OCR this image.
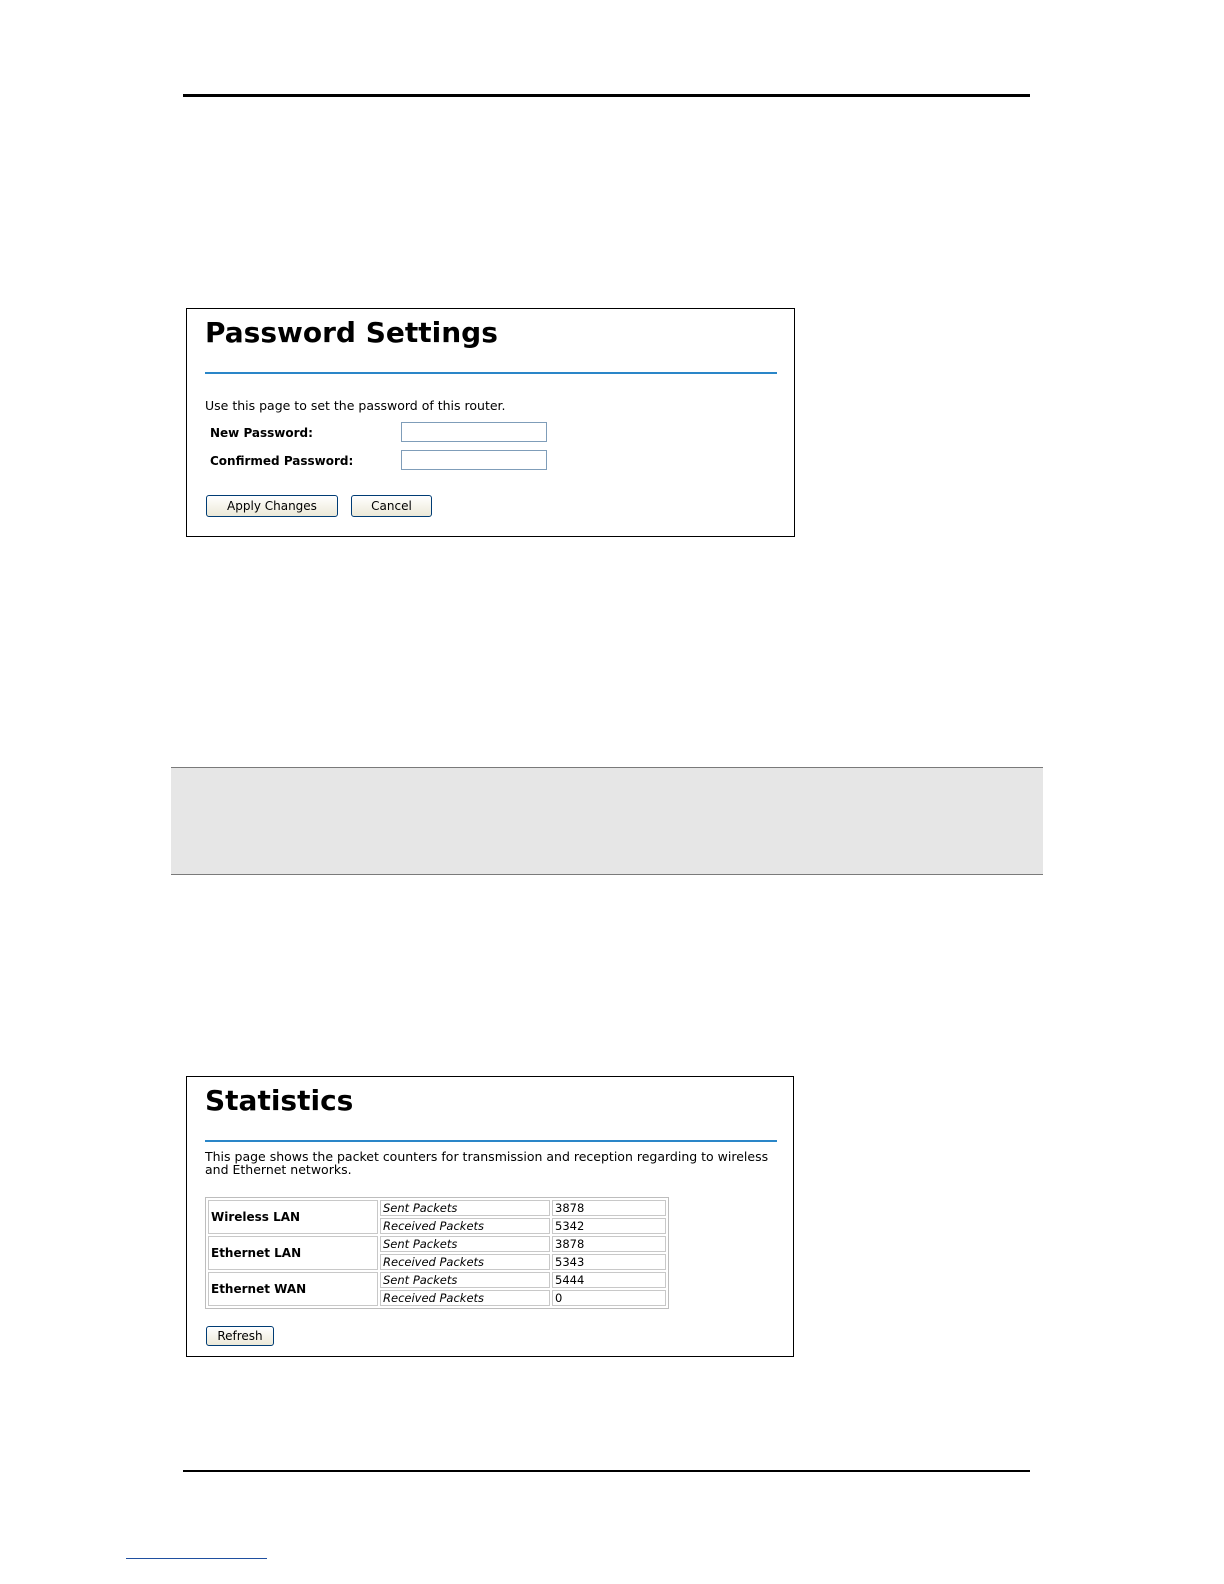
Password Settings

Use this page to set the password of this router.

New Password:
Confirmed Password:
Apply Changes	Cancel
Statistics

This page shows the packet counters for transmission and reception regarding to wireless and Ethernet networks.

Wireless LAN	Sent Packets	3878
	Received Packets	5342
Ethernet LAN	Sent Packets	3878
	Received Packets	5343
Ethernet WAN	Sent Packets	5444
	Received Packets	0
Refresh
